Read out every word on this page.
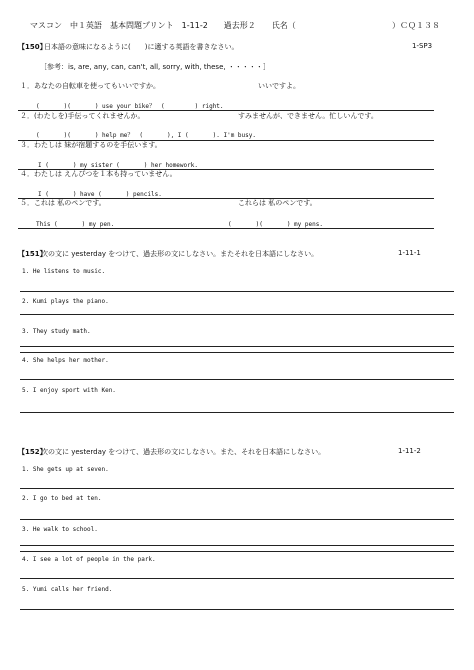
マスコン　中１英語　基本問題プリント　1-11-2　　過去形２　　氏名（	）ＣＱ１３８
【150】
日本語の意味になるように(　　)に適する英語を書きなさい。	1-SP3
［参考：is, are, any, can, can't, all, sorry, with, these, ・・・・・］
１．あなたの自転車を使ってもいいですか。	いいですよ。
(　　　　)(　　　　) use your bike？　(　　　　　) right.
２．(わたしを)手伝ってくれませんか。	すみませんが、できません。忙しいんです。
(　　　　)(　　　　) help me？　(　　　　), I (　　　　). I'm busy.
３．わたしは 妹が宿題するのを手伝います。
I (　　　　) my sister (　　　　) her homework.
４．わたしは えんぴつを１本も持っていません。
I (　　　　) have (　　　　) pencils.
５．これは 私のペンです。	これらは 私のペンです。
This (　　　　) my pen.	(　　　　)(　　　　) my pens.
【151】
次の文に yesterday をつけて、過去形の文にしなさい。またそれを日本語にしなさい。	1-11-1
1. He listens to music.
2. Kumi plays the piano.
3. They study math.
4. She helps her mother.
5. I enjoy sport with Ken.
【152】
次の文に yesterday をつけて、過去形の文にしなさい。また、それを日本語にしなさい。	1-11-2
1. She gets up at seven.
2. I go to bed at ten.
3. He walk to school.
4. I see a lot of people in the park.
5. Yumi calls her friend.
